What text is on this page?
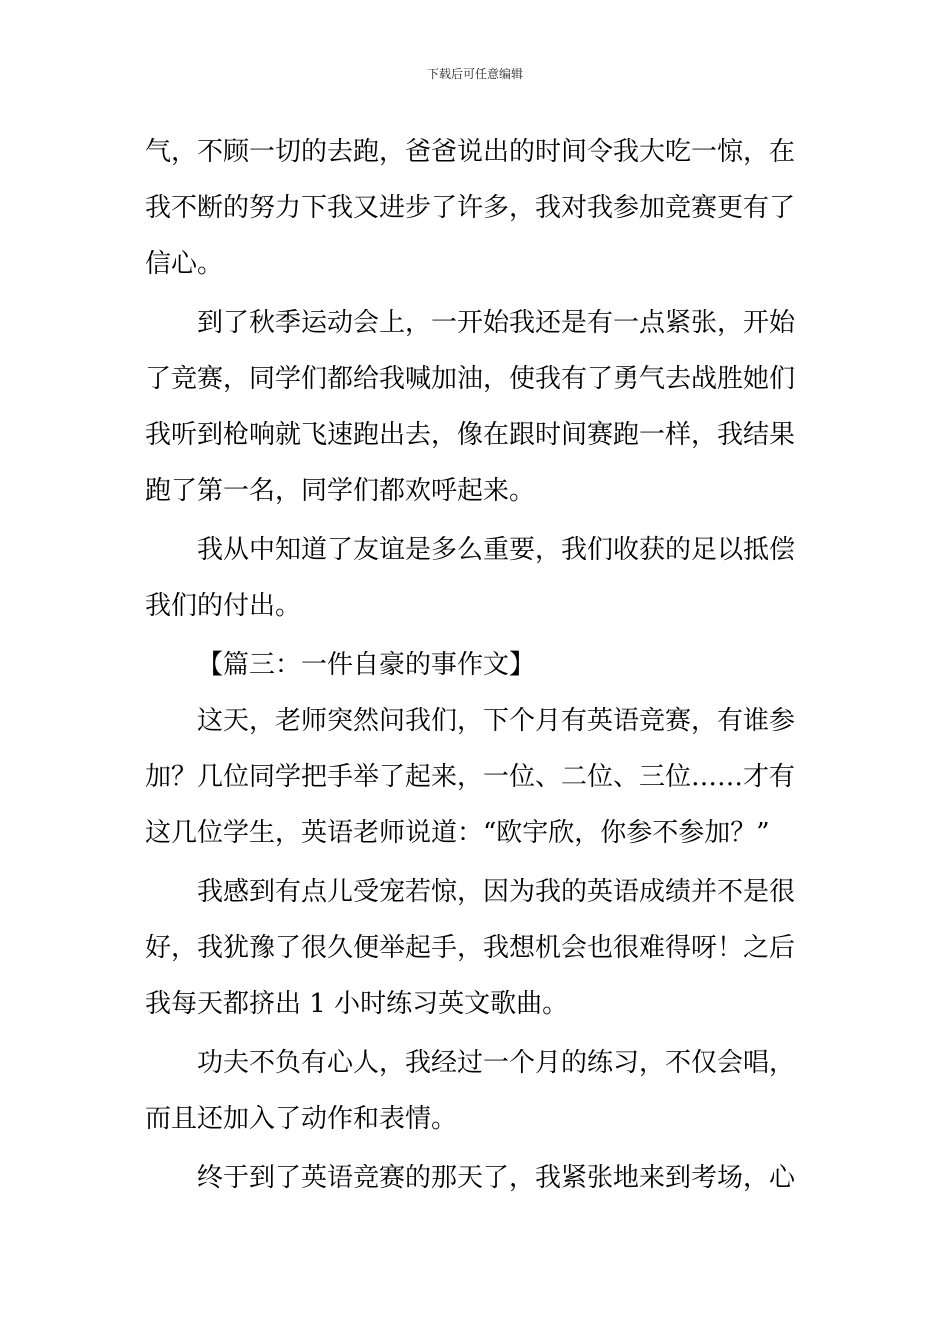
下载后可任意编辑
气，不顾一切的去跑，爸爸说出的时间令我大吃一惊，在
我不断的努力下我又进步了许多，我对我参加竞赛更有了
信心。
到了秋季运动会上，一开始我还是有一点紧张，开始
了竞赛，同学们都给我喊加油，使我有了勇气去战胜她们
我听到枪响就飞速跑出去，像在跟时间赛跑一样，我结果
跑了第一名，同学们都欢呼起来。
我从中知道了友谊是多么重要，我们收获的足以抵偿
我们的付出。
【篇三：一件自豪的事作文】
这天，老师突然问我们，下个月有英语竞赛，有谁参
加？几位同学把手举了起来，一位、二位、三位……才有
这几位学生，英语老师说道：“欧宇欣，你参不参加？”
我感到有点儿受宠若惊，因为我的英语成绩并不是很
好，我犹豫了很久便举起手，我想机会也很难得呀！之后
我每天都挤出 1 小时练习英文歌曲。
功夫不负有心人，我经过一个月的练习，不仅会唱，
而且还加入了动作和表情。
终于到了英语竞赛的那天了，我紧张地来到考场，心
